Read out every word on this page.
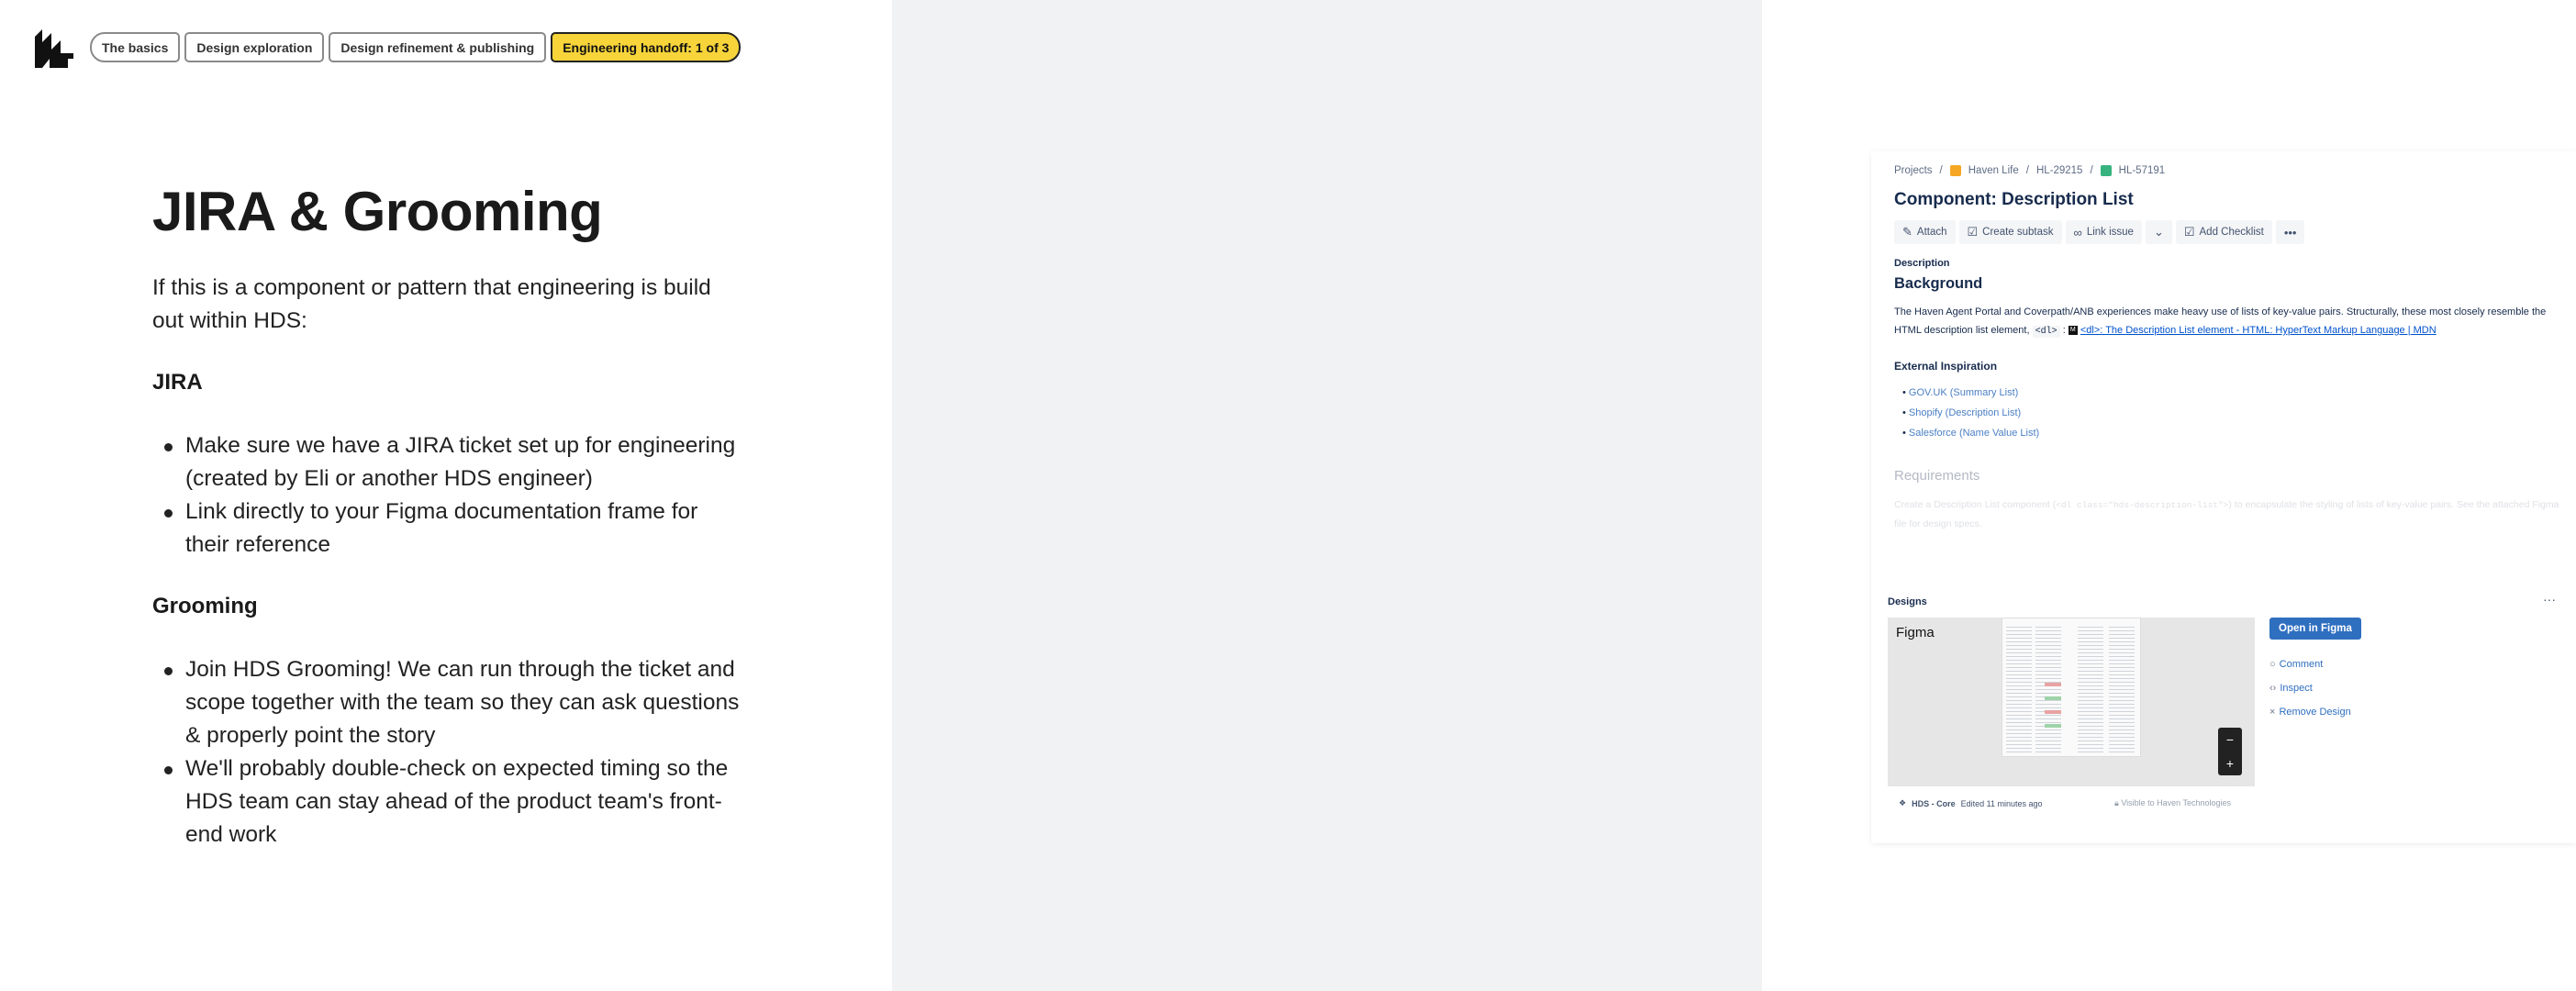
The basics	Design exploration	Design refinement & publishing	Engineering handoff: 1 of 3
JIRA & Grooming

If this is a component or pattern that engineering is build out within HDS:

JIRA
Make sure we have a JIRA ticket set up for engineering (created by Eli or another HDS engineer)
Link directly to your Figma documentation frame for their reference
Grooming
Join HDS Grooming! We can run through the ticket and scope together with the team so they can ask questions & properly point the story
We'll probably double-check on expected timing so the HDS team can stay ahead of the product team's front-end work
Projects / Haven Life / HL-29215 / HL-57191
Component: Description List
✎ Attach ☑ Create subtask ∞ Link issue ⌄ ☑ Add Checklist •••
Description
Background

The Haven Agent Portal and Coverpath/ANB experiences make heavy use of lists of key-value pairs. Structurally, these most closely resemble the HTML description list element, <dl> : M <dl>: The Description List element - HTML: HyperText Markup Language | MDN

External Inspiration
• GOV.UK (Summary List)
• Shopify (Description List)
• Salesforce (Name Value List)
Requirements

Create a Description List component (<dl class="hds-description-list">) to encapsulate the styling of lists of key-value pairs. See the attached Figma file for design specs.

Designs	···
Figma
−
+
Open in Figma
○ Comment
‹› Inspect
× Remove Design
❖ HDS - Core Edited 11 minutes ago	🔒︎ Visible to Haven Technologies
